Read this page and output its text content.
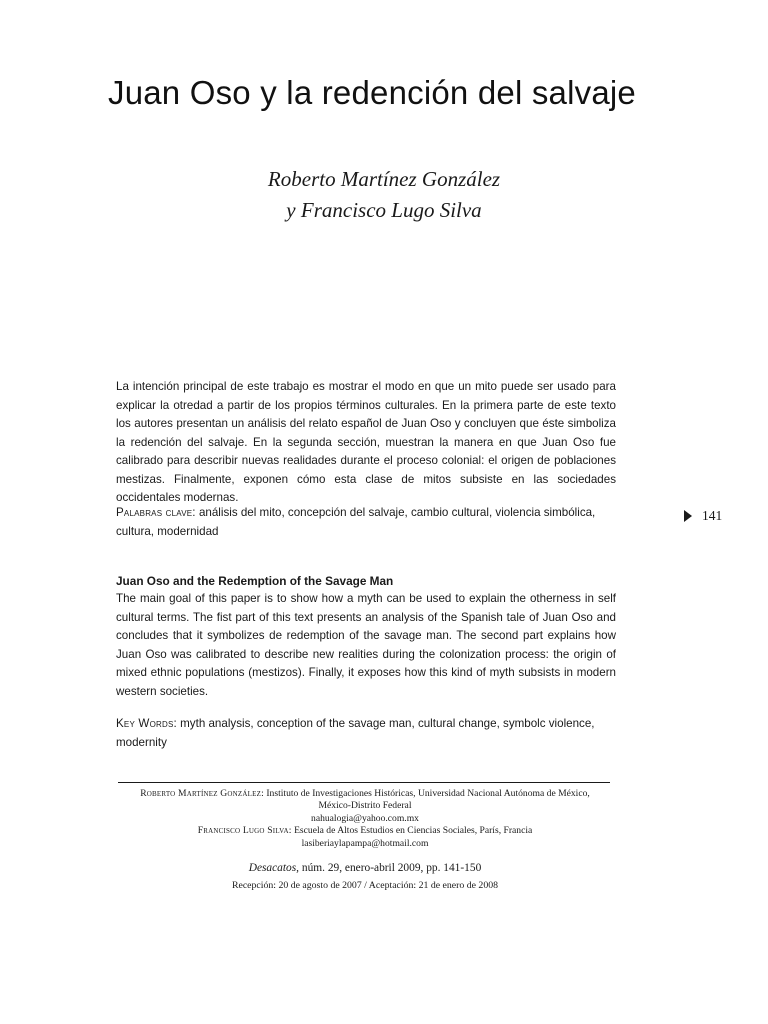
Juan Oso y la redención del salvaje
Roberto Martínez González
y Francisco Lugo Silva

La intención principal de este trabajo es mostrar el modo en que un mito puede ser usado para explicar la otredad a partir de los propios términos culturales. En la primera parte de este texto los autores presentan un análisis del relato español de Juan Oso y concluyen que éste simboliza la redención del salvaje. En la segunda sección, muestran la manera en que Juan Oso fue calibrado para describir nuevas realidades durante el proceso colonial: el origen de poblaciones mestizas. Finalmente, exponen cómo esta clase de mitos subsiste en las sociedades occidentales modernas.

Palabras clave: análisis del mito, concepción del salvaje, cambio cultural, violencia simbólica, cultura, modernidad

141
Juan Oso and the Redemption of the Savage Man

The main goal of this paper is to show how a myth can be used to explain the otherness in self cultural terms. The fist part of this text presents an analysis of the Spanish tale of Juan Oso and concludes that it symbolizes de redemption of the savage man. The second part explains how Juan Oso was calibrated to describe new realities during the colonization process: the origin of mixed ethnic populations (mestizos). Finally, it exposes how this kind of myth subsists in modern western societies.

Key Words: myth analysis, conception of the savage man, cultural change, symbolc violence, modernity

Roberto Martínez González: Instituto de Investigaciones Históricas, Universidad Nacional Autónoma de México,
México-Distrito Federal
nahualogia@yahoo.com.mx
Francisco Lugo Silva: Escuela de Altos Estudios en Ciencias Sociales, París, Francia
lasiberiaylapampa@hotmail.com
Desacatos, núm. 29, enero-abril 2009, pp. 141-150
Recepción: 20 de agosto de 2007 / Aceptación: 21 de enero de 2008
